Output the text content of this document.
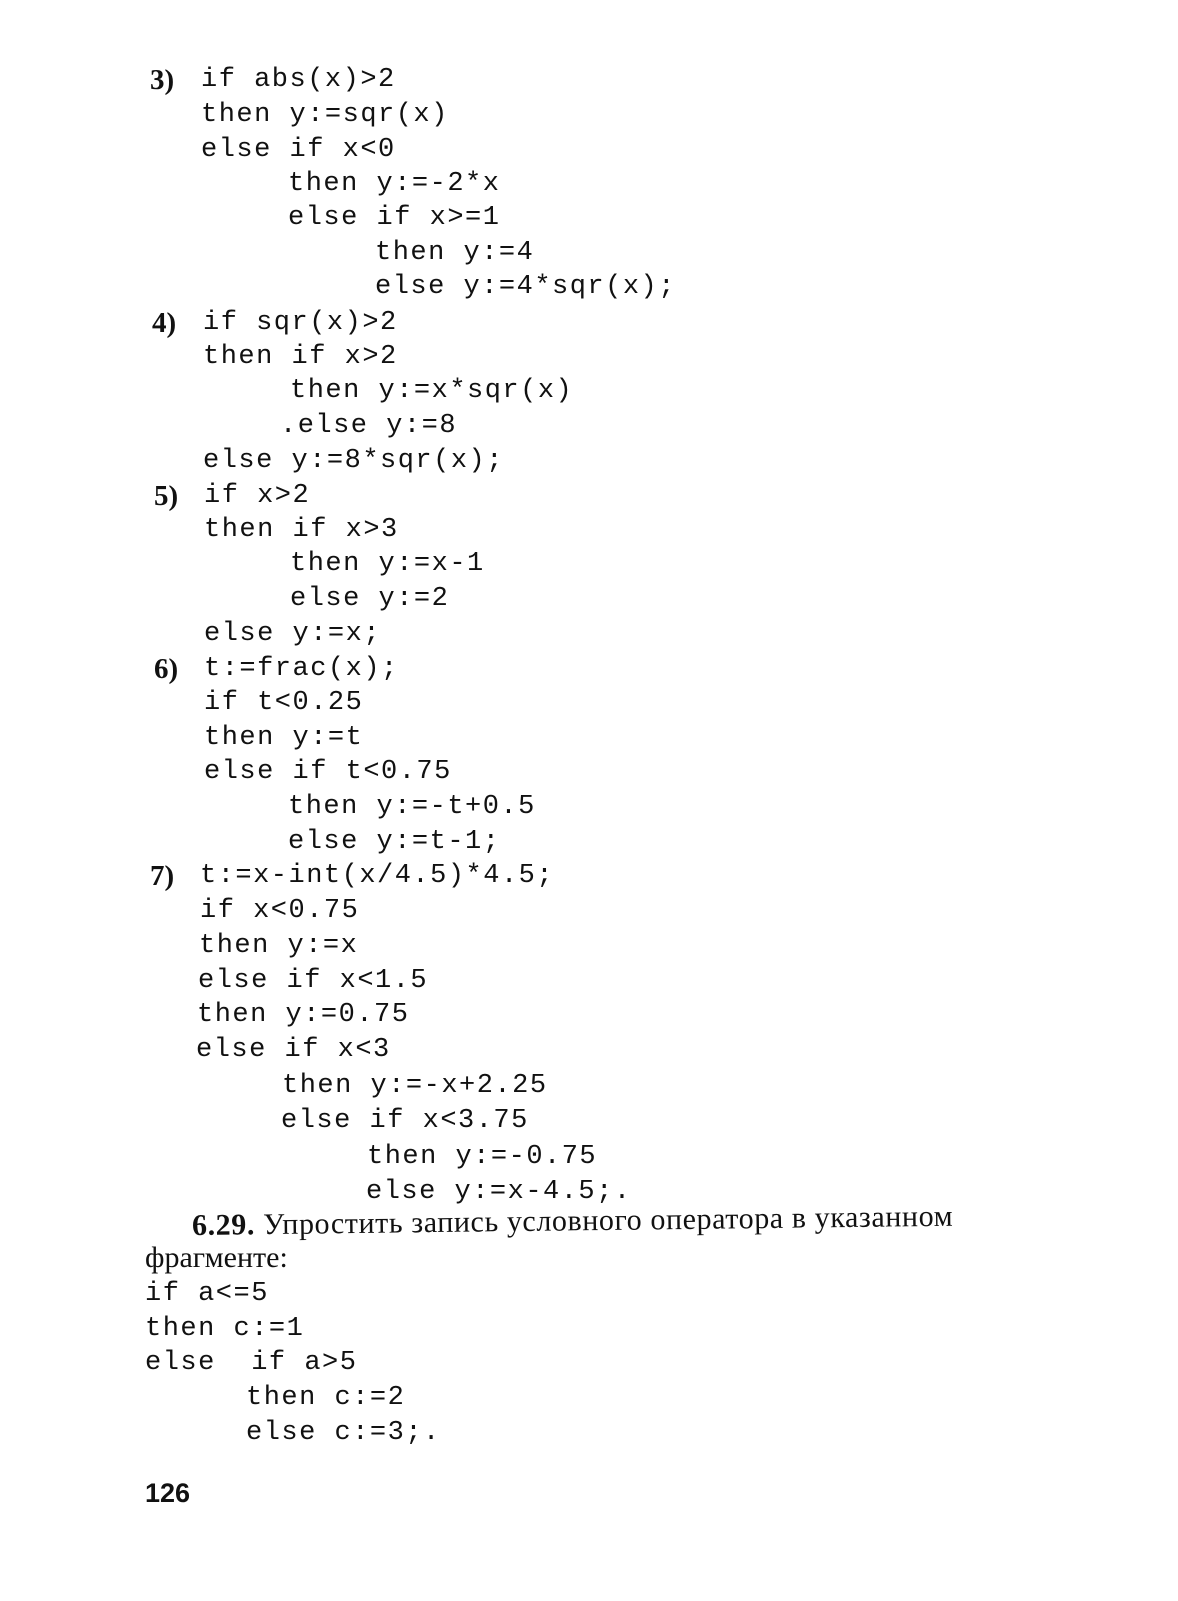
3) if abs(x)>2
then y:=sqr(x)
else if x<0
then y:=-2*x
else if x>=1
then y:=4
else y:=4*sqr(x);
4) if sqr(x)>2
then if x>2
then y:=x*sqr(x)
.else y:=8
else y:=8*sqr(x);
5) if x>2
then if x>3
then y:=x-1
else y:=2
else y:=x;
6) t:=frac(x);
if t<0.25
then y:=t
else if t<0.75
then y:=-t+0.5
else y:=t-1;
7) t:=x-int(x/4.5)*4.5;
if x<0.75
then y:=x
else if x<1.5
then y:=0.75
else if x<3
then y:=-x+2.25
else if x<3.75
then y:=-0.75
else y:=x-4.5;.
6.29. Упростить запись условного оператора в указанном
фрагменте:
if a<=5
then c:=1
else  if a>5
then c:=2
else c:=3;.
126
